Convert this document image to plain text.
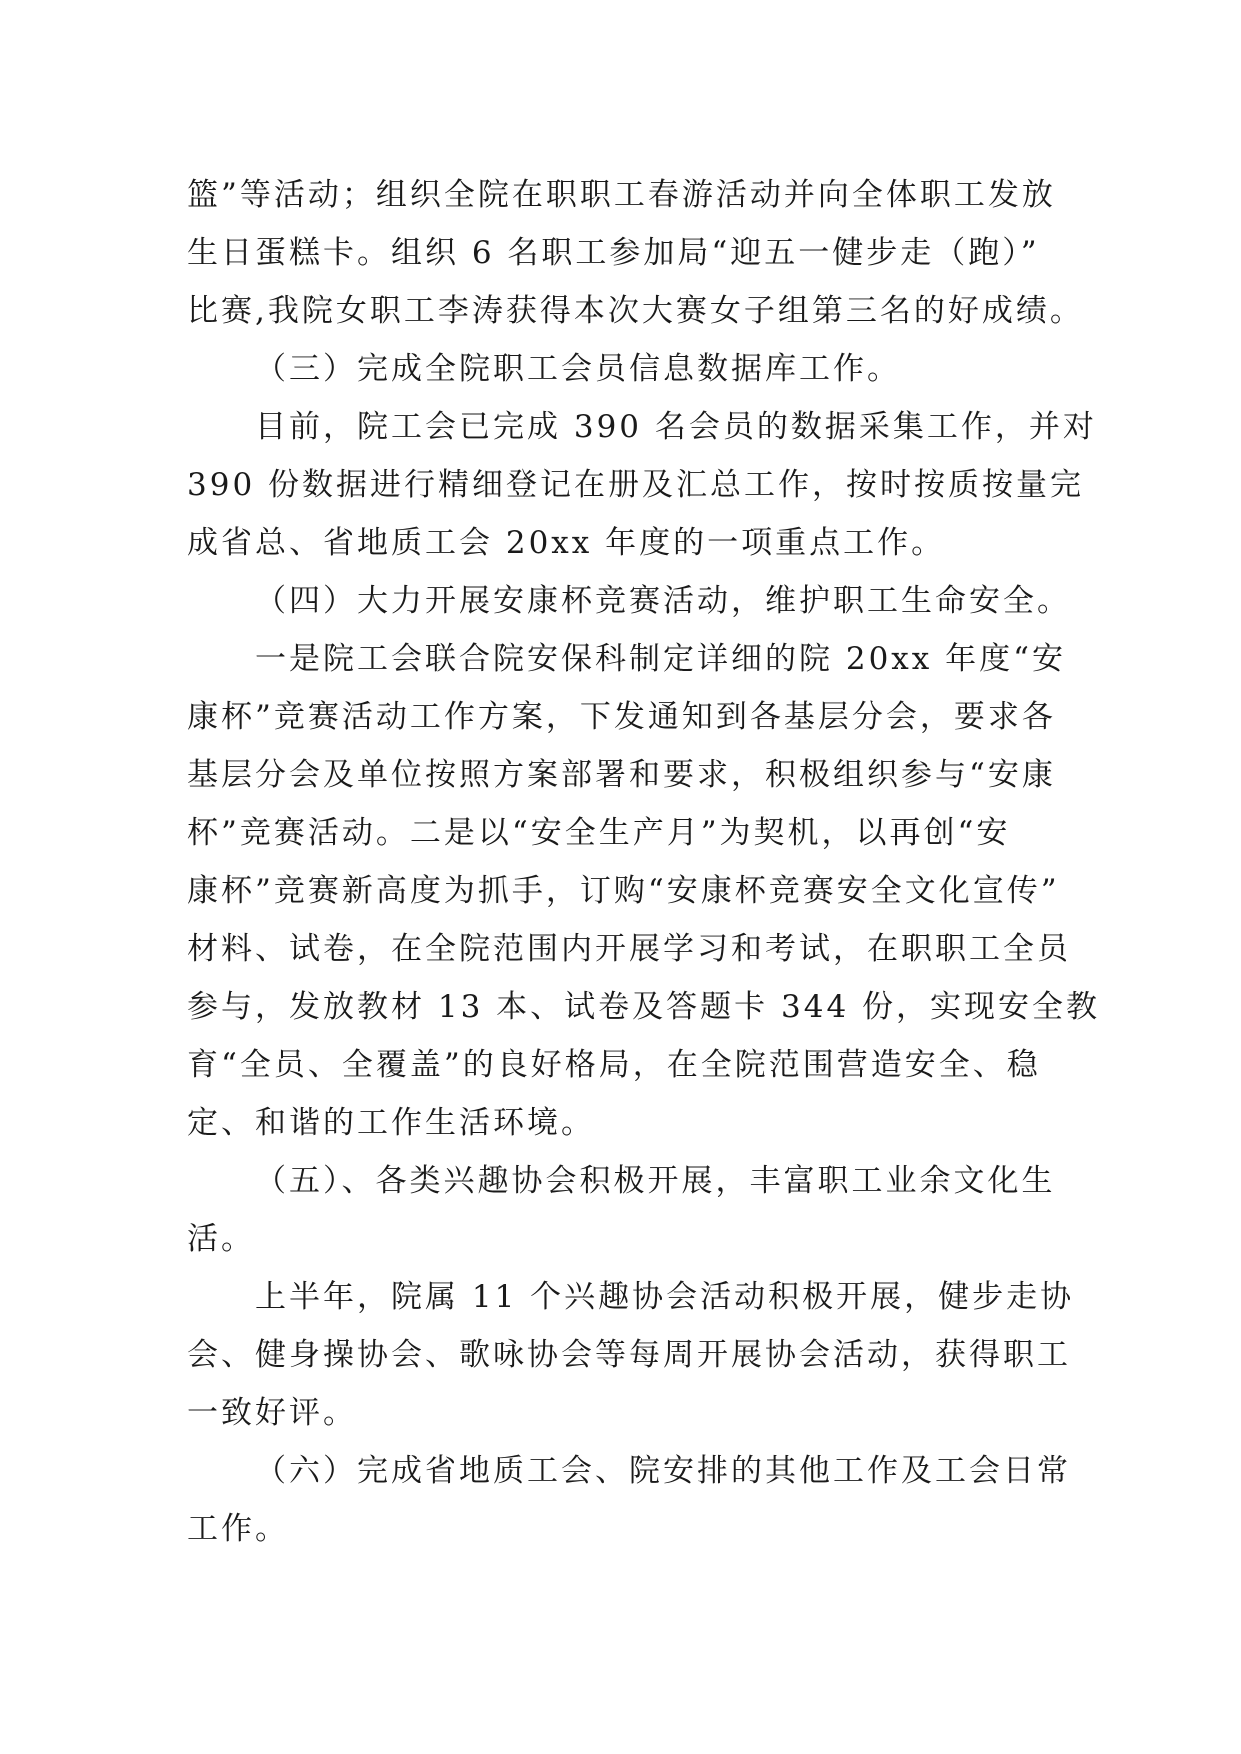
篮”等活动；组织全院在职职工春游活动并向全体职工发放
生日蛋糕卡。组织 6 名职工参加局“迎五一健步走（跑）”
比赛,我院女职工李涛获得本次大赛女子组第三名的好成绩。
（三）完成全院职工会员信息数据库工作。
目前，院工会已完成 390 名会员的数据采集工作，并对
390 份数据进行精细登记在册及汇总工作，按时按质按量完
成省总、省地质工会 20xx 年度的一项重点工作。
（四）大力开展安康杯竞赛活动，维护职工生命安全。
一是院工会联合院安保科制定详细的院 20xx 年度“安
康杯”竞赛活动工作方案，下发通知到各基层分会，要求各
基层分会及单位按照方案部署和要求，积极组织参与“安康
杯”竞赛活动。二是以“安全生产月”为契机，以再创“安
康杯”竞赛新高度为抓手，订购“安康杯竞赛安全文化宣传”
材料、试卷，在全院范围内开展学习和考试，在职职工全员
参与，发放教材 13 本、试卷及答题卡 344 份，实现安全教
育“全员、全覆盖”的良好格局，在全院范围营造安全、稳
定、和谐的工作生活环境。
（五）、各类兴趣协会积极开展，丰富职工业余文化生
活。
上半年，院属 11 个兴趣协会活动积极开展，健步走协
会、健身操协会、歌咏协会等每周开展协会活动，获得职工
一致好评。
（六）完成省地质工会、院安排的其他工作及工会日常
工作。
